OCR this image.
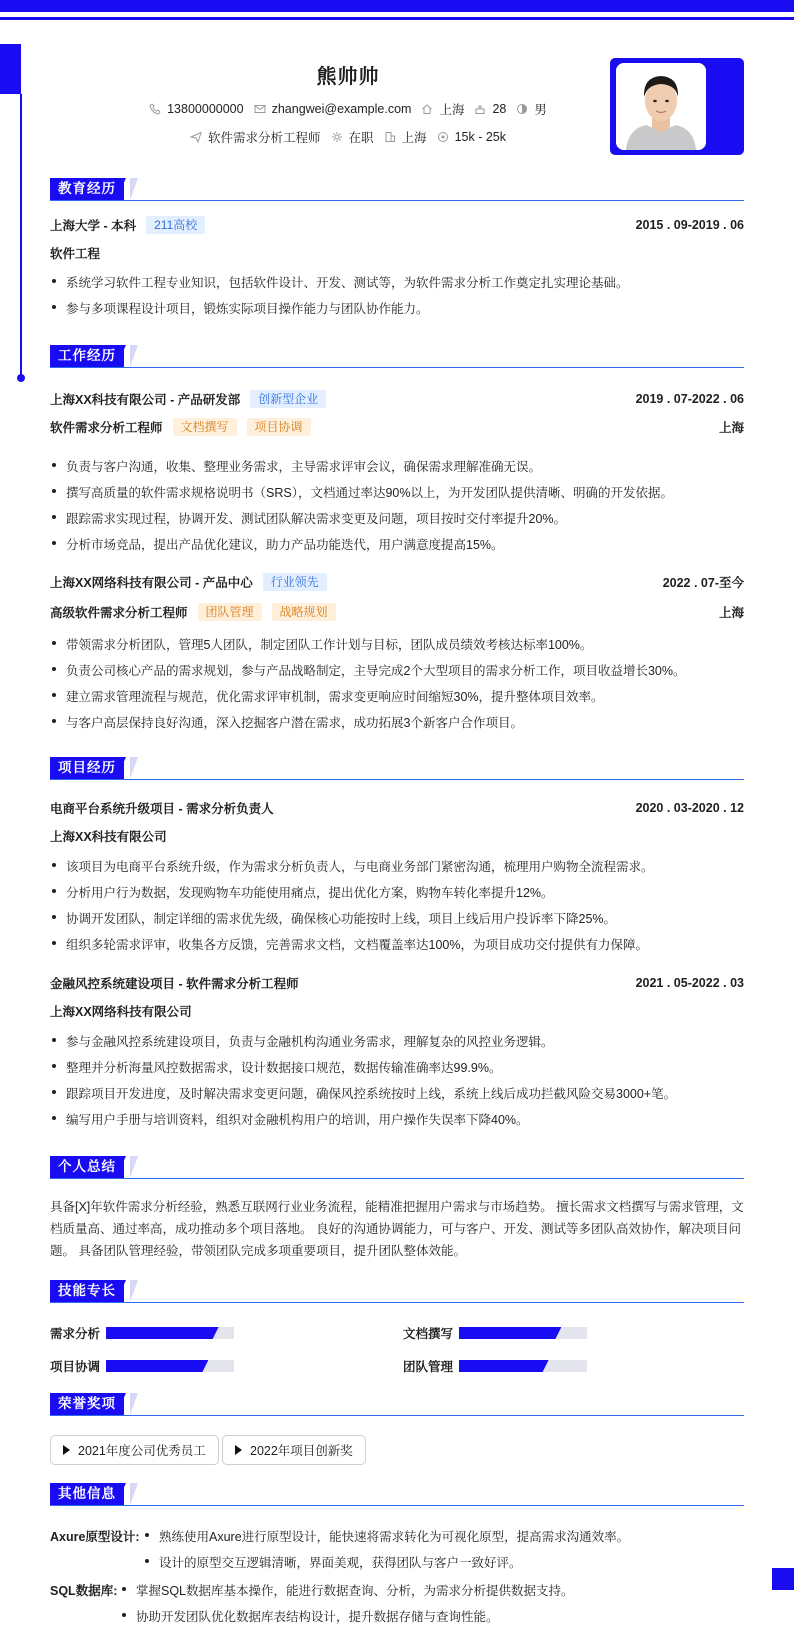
熊帅帅
13800000000 zhangwei@example.com 上海 28 男
软件需求分析工程师 在职 上海 15k - 25k
教育经历
上海大学 - 本科	211高校	2015 . 09-2019 . 06
软件工程
系统学习软件工程专业知识，包括软件设计、开发、测试等，为软件需求分析工作奠定扎实理论基础。
参与多项课程设计项目，锻炼实际项目操作能力与团队协作能力。
工作经历
上海XX科技有限公司 - 产品研发部	创新型企业	2019 . 07-2022 . 06
软件需求分析工程师	文档撰写	项目协调	上海
负责与客户沟通，收集、整理业务需求，主导需求评审会议，确保需求理解准确无误。
撰写高质量的软件需求规格说明书（SRS），文档通过率达90%以上，为开发团队提供清晰、明确的开发依据。
跟踪需求实现过程，协调开发、测试团队解决需求变更及问题，项目按时交付率提升20%。
分析市场竞品，提出产品优化建议，助力产品功能迭代，用户满意度提高15%。
上海XX网络科技有限公司 - 产品中心	行业领先	2022 . 07-至今
高级软件需求分析工程师	团队管理	战略规划	上海
带领需求分析团队，管理5人团队，制定团队工作计划与目标，团队成员绩效考核达标率100%。
负责公司核心产品的需求规划，参与产品战略制定，主导完成2个大型项目的需求分析工作，项目收益增长30%。
建立需求管理流程与规范，优化需求评审机制，需求变更响应时间缩短30%，提升整体项目效率。
与客户高层保持良好沟通，深入挖掘客户潜在需求，成功拓展3个新客户合作项目。
项目经历
电商平台系统升级项目 - 需求分析负责人	2020 . 03-2020 . 12
上海XX科技有限公司
该项目为电商平台系统升级，作为需求分析负责人，与电商业务部门紧密沟通，梳理用户购物全流程需求。
分析用户行为数据，发现购物车功能使用痛点，提出优化方案，购物车转化率提升12%。
协调开发团队，制定详细的需求优先级，确保核心功能按时上线，项目上线后用户投诉率下降25%。
组织多轮需求评审，收集各方反馈，完善需求文档，文档覆盖率达100%，为项目成功交付提供有力保障。
金融风控系统建设项目 - 软件需求分析工程师	2021 . 05-2022 . 03
上海XX网络科技有限公司
参与金融风控系统建设项目，负责与金融机构沟通业务需求，理解复杂的风控业务逻辑。
整理并分析海量风控数据需求，设计数据接口规范，数据传输准确率达99.9%。
跟踪项目开发进度，及时解决需求变更问题，确保风控系统按时上线，系统上线后成功拦截风险交易3000+笔。
编写用户手册与培训资料，组织对金融机构用户的培训，用户操作失误率下降40%。
个人总结
具备[X]年软件需求分析经验，熟悉互联网行业业务流程，能精准把握用户需求与市场趋势。 擅长需求文档撰写与需求管理，文档质量高、通过率高，成功推动多个项目落地。 良好的沟通协调能力，可与客户、开发、测试等多团队高效协作，解决项目问题。 具备团队管理经验，带领团队完成多项重要项目，提升团队整体效能。
技能专长
需求分析	文档撰写
项目协调	团队管理
荣誉奖项
2021年度公司优秀员工	2022年项目创新奖
其他信息
Axure原型设计:	熟练使用Axure进行原型设计，能快速将需求转化为可视化原型，提高需求沟通效率。
设计的原型交互逻辑清晰，界面美观，获得团队与客户一致好评。
SQL数据库:	掌握SQL数据库基本操作，能进行数据查询、分析，为需求分析提供数据支持。
协助开发团队优化数据库表结构设计，提升数据存储与查询性能。
